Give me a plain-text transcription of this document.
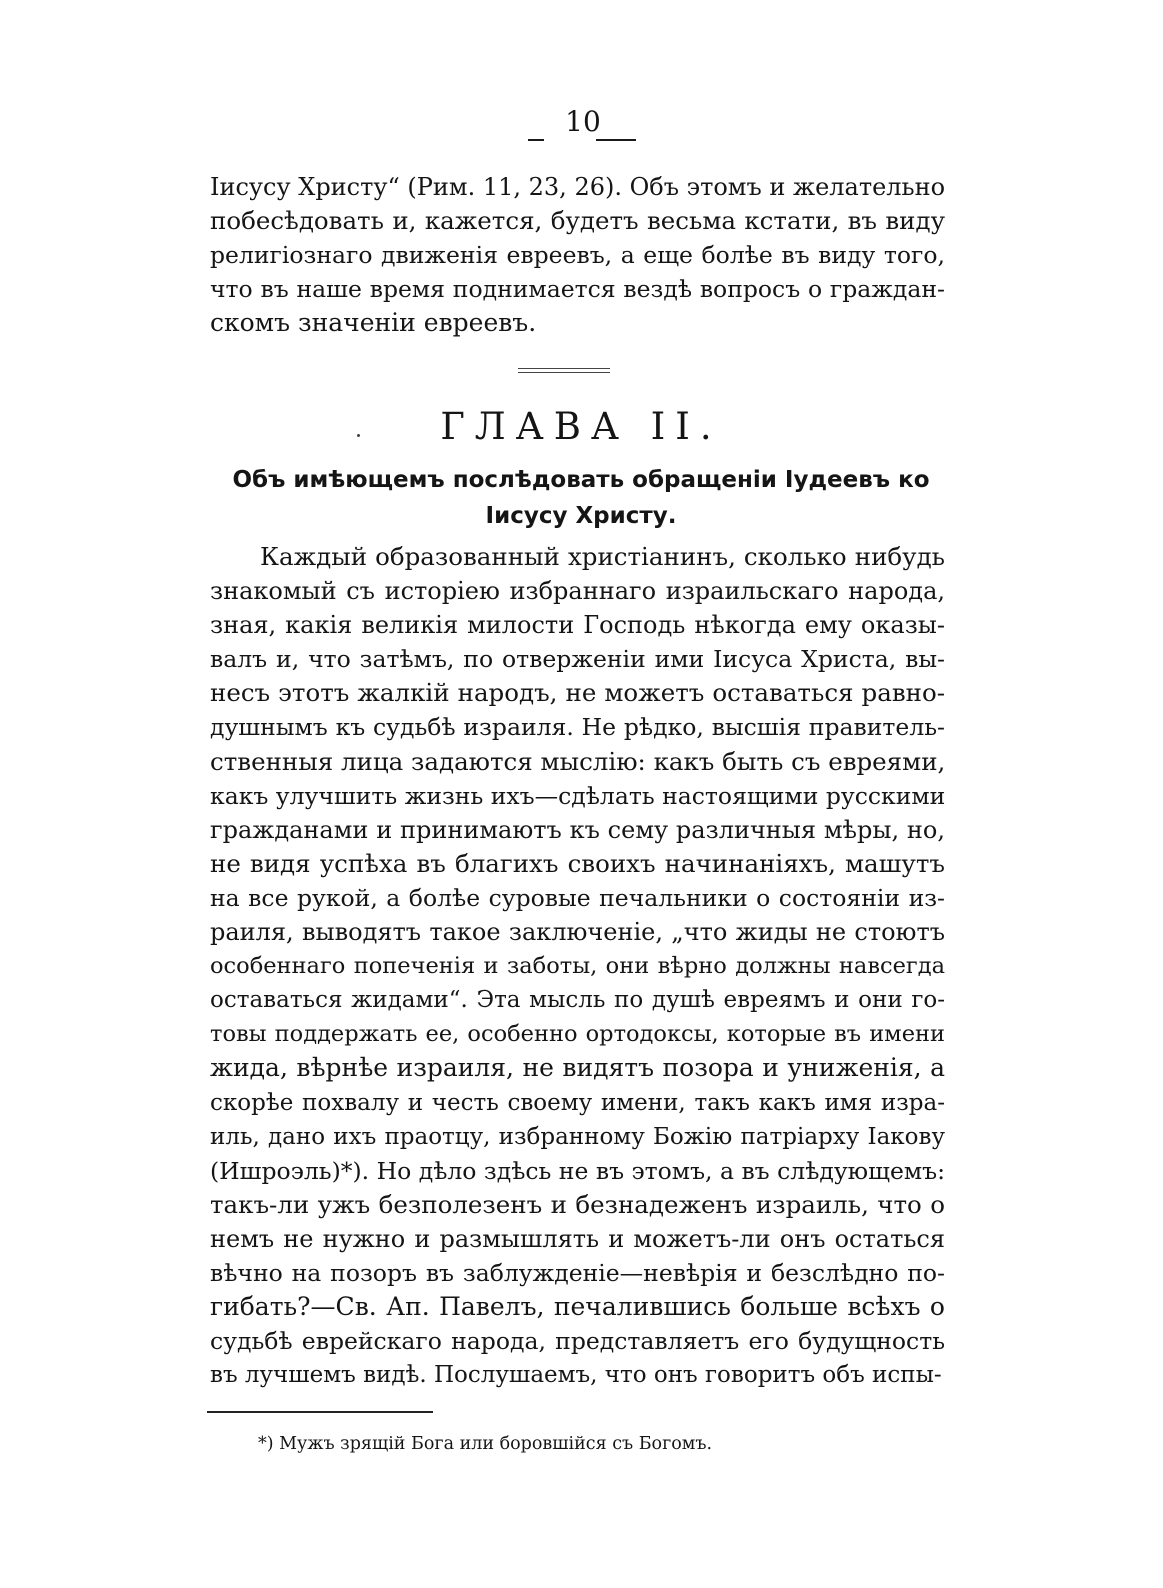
10
Iисусу Христу“ (Рим. 11, 23, 26). Объ этомъ и желательно
побесѣдовать и, кажется, будетъ весьма кстати, въ виду
религiознаго движенiя евреевъ, а еще болѣе въ виду того,
что въ наше время поднимается вездѣ вопросъ о граждан-
скомъ значенiи евреевъ.
ГЛАВА II.
Объ имѣющемъ послѣдовать обращенiи Iудеевъ ко
Iисусу Христу.
Каждый образованный христiанинъ, сколько нибудь
знакомый съ исторiею избраннаго израильскаго народа,
зная, какiя великiя милости Господь нѣкогда ему оказы-
валъ и, что затѣмъ, по отверженiи ими Iисуса Христа, вы-
несъ этотъ жалкiй народъ, не можетъ оставаться равно-
душнымъ къ судьбѣ израиля. Не рѣдко, высшiя правитель-
ственныя лица задаются мыслiю: какъ быть съ евреями,
какъ улучшить жизнь ихъ—сдѣлать настоящими русскими
гражданами и принимаютъ къ сему различныя мѣры, но,
не видя успѣха въ благихъ своихъ начинанiяхъ, машутъ
на все рукой, а болѣе суровые печальники о состоянiи из-
раиля, выводятъ такое заключенiе, „что жиды не стоютъ
особеннаго попеченiя и заботы, они вѣрно должны навсегда
оставаться жидами“. Эта мысль по душѣ евреямъ и они го-
товы поддержать ее, особенно ортодоксы, которые въ имени
жида, вѣрнѣе израиля, не видятъ позора и униженiя, а
скорѣе похвалу и честь своему имени, такъ какъ имя изра-
иль, дано ихъ праотцу, избранному Божiю патрiарху Iакову
(Ишроэль)*). Но дѣло здѣсь не въ этомъ, а въ слѣдующемъ:
такъ-ли ужъ безполезенъ и безнадеженъ израиль, что о
немъ не нужно и размышлять и можетъ-ли онъ остаться
вѣчно на позоръ въ заблужденiе—невѣрiя и безслѣдно по-
гибать?—Св. Ап. Павелъ, печалившись больше всѣхъ о
судьбѣ еврейскаго народа, представляетъ его будущность
въ лучшемъ видѣ. Послушаемъ, что онъ говоритъ объ испы-
*) Мужъ зрящiй Бога или боровшiйся съ Богомъ.
